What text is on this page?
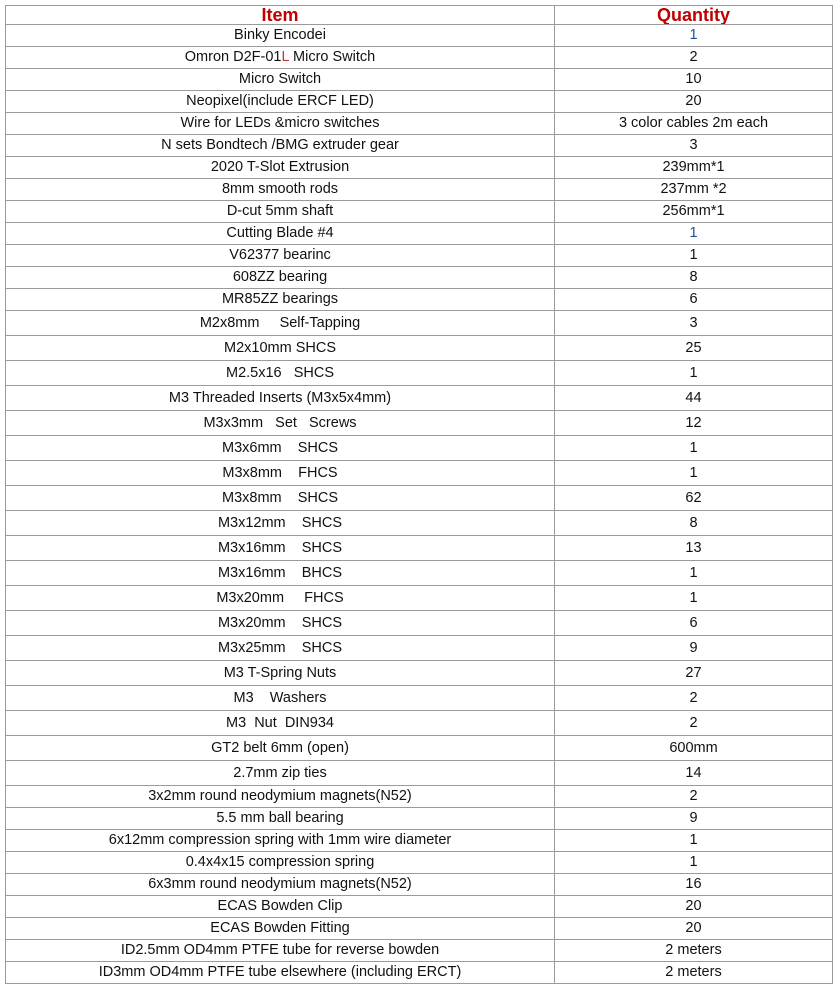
Item	Quantity
Binky Encodei	1
Omron D2F-01L Micro Switch	2
Micro Switch	10
Neopixel(include ERCF LED)	20
Wire for LEDs &micro switches	3 color cables 2m each
N sets Bondtech /BMG extruder gear	3
2020 T-Slot Extrusion	239mm*1
8mm smooth rods	237mm *2
D-cut 5mm shaft	256mm*1
Cutting Blade #4	1
V62377 bearinc	1
608ZZ bearing	8
MR85ZZ bearings	6
M2x8mm     Self-Tapping	3
M2x10mm SHCS	25
M2.5x16   SHCS	1
M3 Threaded Inserts (M3x5x4mm)	44
M3x3mm   Set   Screws	12
M3x6mm    SHCS	1
M3x8mm    FHCS	1
M3x8mm    SHCS	62
M3x12mm    SHCS	8
M3x16mm    SHCS	13
M3x16mm    BHCS	1
M3x20mm     FHCS	1
M3x20mm    SHCS	6
M3x25mm    SHCS	9
M3 T-Spring Nuts	27
M3    Washers	2
M3  Nut  DIN934	2
GT2 belt 6mm (open)	600mm
2.7mm zip ties	14
3x2mm round neodymium magnets(N52)	2
5.5 mm ball bearing	9
6x12mm compression spring with 1mm wire diameter	1
0.4x4x15 compression spring	1
6x3mm round neodymium magnets(N52)	16
ECAS Bowden Clip	20
ECAS Bowden Fitting	20
ID2.5mm OD4mm PTFE tube for reverse bowden	2 meters
ID3mm OD4mm PTFE tube elsewhere (including ERCT)	2 meters
